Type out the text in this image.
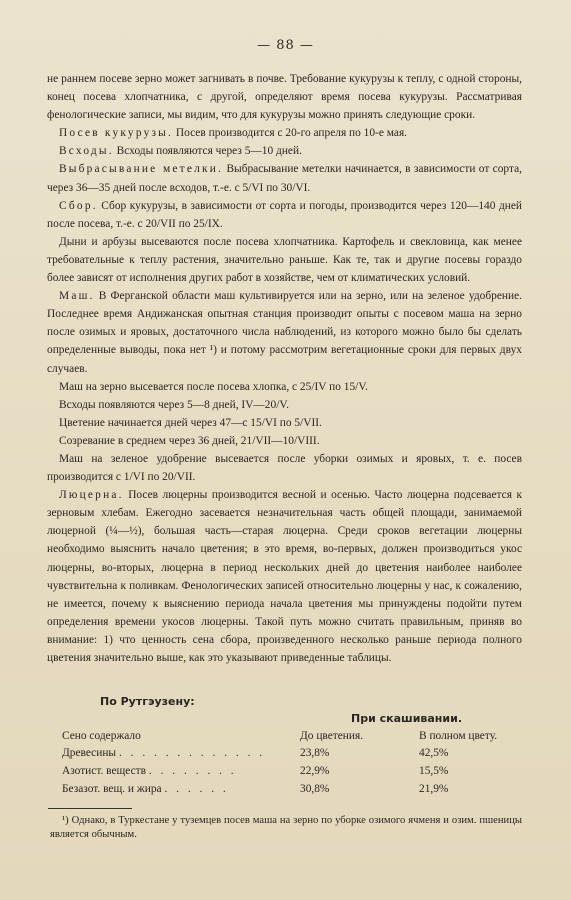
— 88 —

не раннем посеве зерно может загнивать в почве. Требование кукурузы к теплу, с одной стороны, конец посева хлопчатника, с другой, определяют время посева кукурузы. Рассматривая фенологические записи, мы видим, что для кукурузы можно принять следующие сроки.

Посев кукурузы. Посев производится с 20-го апреля по 10-е мая.

Всходы. Всходы появляются через 5—10 дней.

Выбрасывание метелки. Выбрасывание метелки начинается, в зависимости от сорта, через 36—35 дней после всходов, т.-е. с 5/VI по 30/VI.

Сбор. Сбор кукурузы, в зависимости от сорта и погоды, производится через 120—140 дней после посева, т.-е. с 20/VII по 25/IX.

Дыни и арбузы высеваются после посева хлопчатника. Картофель и свекловица, как менее требовательные к теплу растения, значительно раньше. Как те, так и другие посевы гораздо более зависят от исполнения других работ в хозяйстве, чем от климатических условий.

Маш. В Ферганской области маш культивируется или на зерно, или на зеленое удобрение. Последнее время Андижанская опытная станция производит опыты с посевом маша на зерно после озимых и яровых, достаточного числа наблюдений, из которого можно было бы сделать определенные выводы, пока нет ¹) и потому рассмотрим вегетационные сроки для первых двух случаев.

Маш на зерно высевается после посева хлопка, с 25/IV по 15/V.

Всходы появляются через 5—8 дней, IV—20/V.

Цветение начинается дней через 47—с 15/VI по 5/VII.

Созревание в среднем через 36 дней, 21/VII—10/VIII.

Маш на зеленое удобрение высевается после уборки озимых и яровых, т. е. посев производится с 1/VI по 20/VII.

Люцерна. Посев люцерны производится весной и осенью. Часто люцерна подсевается к зерновым хлебам. Ежегодно засевается незначительная часть общей площади, занимаемой люцерной (¼—½), большая часть—старая люцерна. Среди сроков вегетации люцерны необходимо выяснить начало цветения; в это время, во-первых, должен производиться укос люцерны, во-вторых, люцерна в период нескольких дней до цветения наиболее наиболее чувствительна к поливкам. Фенологических записей относительно люцерны у нас, к сожалению, не имеется, почему к выяснению периода начала цветения мы принуждены подойти путем определения времени укосов люцерны. Такой путь можно считать правильным, приняв во внимание: 1) что ценность сена сбора, произведенного несколько раньше периода полного цветения значительно выше, как это указывают приведенные таблицы.

По Рутгэузену:
При скашивании.
Сено содержало	До цветения.	В полном цвету.
Древесины . . . . . . . . . . . . .	23,8%	42,5%
Азотист. веществ . . . . . . . .	22,9%	15,5%
Безазот. вещ. и жира . . . . . .	30,8%	21,9%
¹) Однако, в Туркестане у туземцев посев маша на зерно по уборке озимого ячменя и озим. пшеницы является обычным.
